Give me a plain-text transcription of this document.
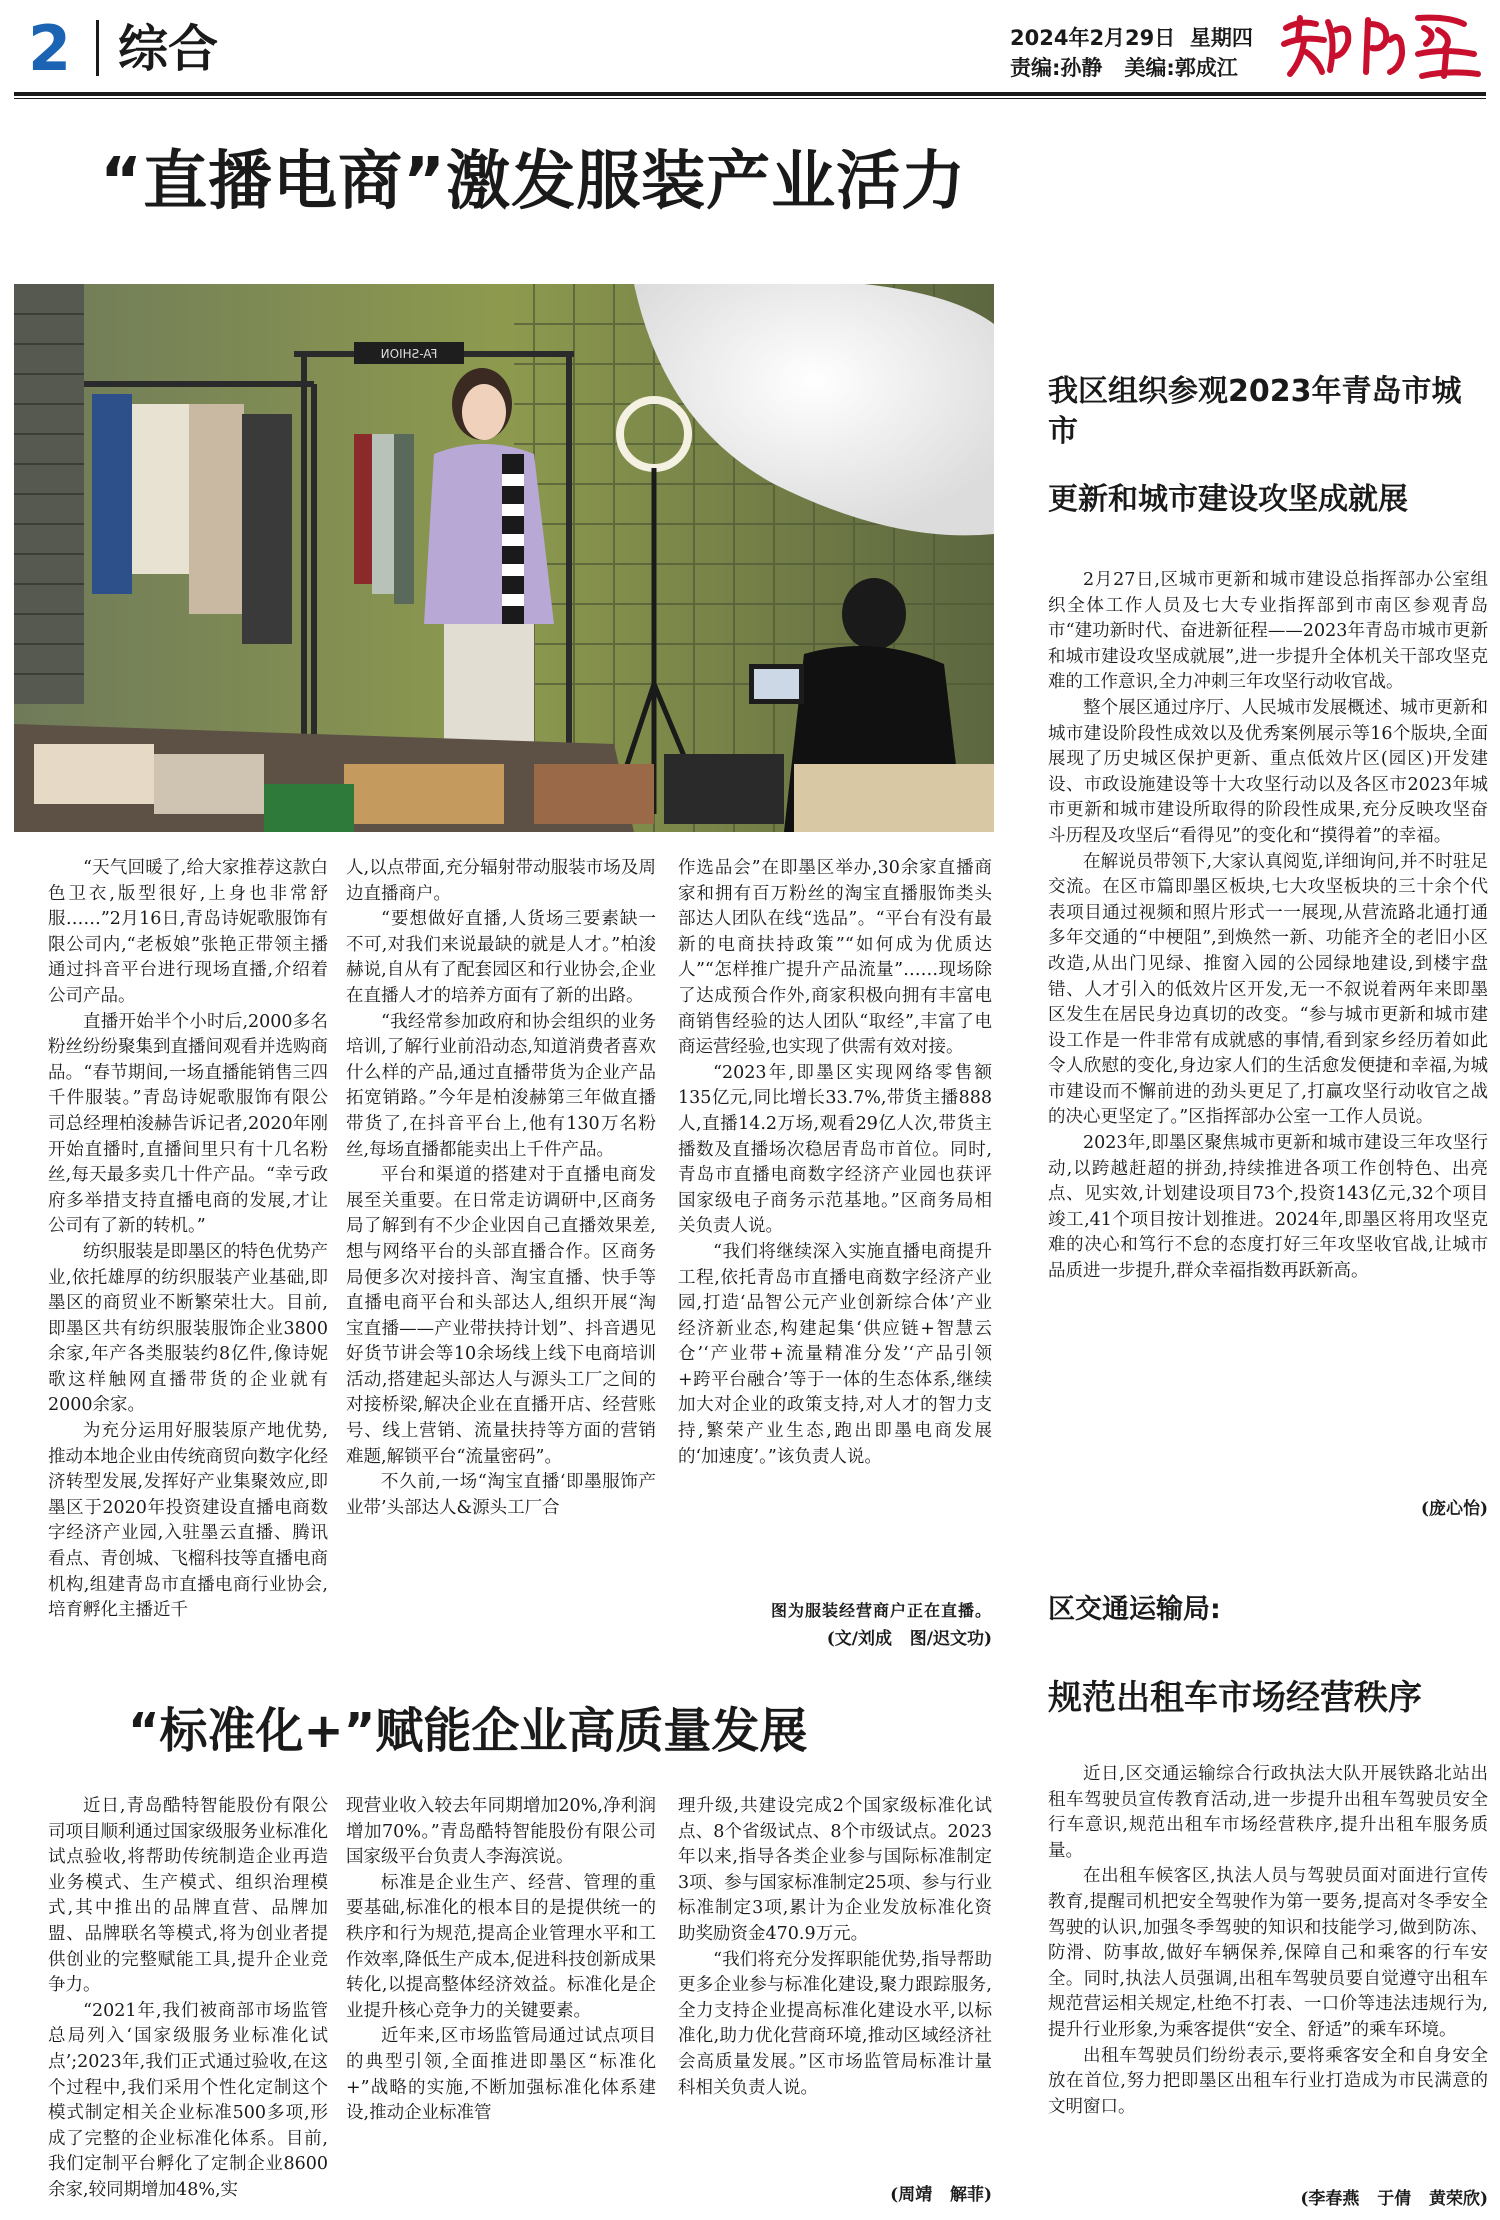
2 综合	2024年2月29日  星期四
责编:孙静   美编:郭成江
“直播电商”激发服装产业活力
FA-SHION

“天气回暖了,给大家推荐这款白色卫衣,版型很好,上身也非常舒服……”2月16日,青岛诗妮歌服饰有限公司内,“老板娘”张艳正带领主播通过抖音平台进行现场直播,介绍着公司产品。

直播开始半个小时后,2000多名粉丝纷纷聚集到直播间观看并选购商品。“春节期间,一场直播能销售三四千件服装。”青岛诗妮歌服饰有限公司总经理柏浚赫告诉记者,2020年刚开始直播时,直播间里只有十几名粉丝,每天最多卖几十件产品。“幸亏政府多举措支持直播电商的发展,才让公司有了新的转机。”

纺织服装是即墨区的特色优势产业,依托雄厚的纺织服装产业基础,即墨区的商贸业不断繁荣壮大。目前,即墨区共有纺织服装服饰企业3800余家,年产各类服装约8亿件,像诗妮歌这样触网直播带货的企业就有2000余家。

为充分运用好服装原产地优势,推动本地企业由传统商贸向数字化经济转型发展,发挥好产业集聚效应,即墨区于2020年投资建设直播电商数字经济产业园,入驻墨云直播、腾讯看点、青创城、飞榴科技等直播电商机构,组建青岛市直播电商行业协会,培育孵化主播近千

人,以点带面,充分辐射带动服装市场及周边直播商户。

“要想做好直播,人货场三要素缺一不可,对我们来说最缺的就是人才。”柏浚赫说,自从有了配套园区和行业协会,企业在直播人才的培养方面有了新的出路。

“我经常参加政府和协会组织的业务培训,了解行业前沿动态,知道消费者喜欢什么样的产品,通过直播带货为企业产品拓宽销路。”今年是柏浚赫第三年做直播带货了,在抖音平台上,他有130万名粉丝,每场直播都能卖出上千件产品。

平台和渠道的搭建对于直播电商发展至关重要。在日常走访调研中,区商务局了解到有不少企业因自己直播效果差,想与网络平台的头部直播合作。区商务局便多次对接抖音、淘宝直播、快手等直播电商平台和头部达人,组织开展“淘宝直播——产业带扶持计划”、抖音遇见好货节讲会等10余场线上线下电商培训活动,搭建起头部达人与源头工厂之间的对接桥梁,解决企业在直播开店、经营账号、线上营销、流量扶持等方面的营销难题,解锁平台“流量密码”。

不久前,一场“淘宝直播‘即墨服饰产业带’头部达人&源头工厂合

作选品会”在即墨区举办,30余家直播商家和拥有百万粉丝的淘宝直播服饰类头部达人团队在线“选品”。“平台有没有最新的电商扶持政策”“如何成为优质达人”“怎样推广提升产品流量”……现场除了达成预合作外,商家积极向拥有丰富电商销售经验的达人团队“取经”,丰富了电商运营经验,也实现了供需有效对接。

“2023年,即墨区实现网络零售额135亿元,同比增长33.7%,带货主播888人,直播14.2万场,观看29亿人次,带货主播数及直播场次稳居青岛市首位。同时,青岛市直播电商数字经济产业园也获评国家级电子商务示范基地。”区商务局相关负责人说。

“我们将继续深入实施直播电商提升工程,依托青岛市直播电商数字经济产业园,打造‘品智公元产业创新综合体’产业经济新业态,构建起集‘供应链+智慧云仓’‘产业带+流量精准分发’‘产品引领+跨平台融合’等于一体的生态体系,继续加大对企业的政策支持,对人才的智力支持,繁荣产业生态,跑出即墨电商发展的‘加速度’。”该负责人说。

图为服装经营商户正在直播。
(文/刘成   图/迟文功)
我区组织参观2023年青岛市城市
更新和城市建设攻坚成就展

2月27日,区城市更新和城市建设总指挥部办公室组织全体工作人员及七大专业指挥部到市南区参观青岛市“建功新时代、奋进新征程——2023年青岛市城市更新和城市建设攻坚成就展”,进一步提升全体机关干部攻坚克难的工作意识,全力冲刺三年攻坚行动收官战。

整个展区通过序厅、人民城市发展概述、城市更新和城市建设阶段性成效以及优秀案例展示等16个版块,全面展现了历史城区保护更新、重点低效片区(园区)开发建设、市政设施建设等十大攻坚行动以及各区市2023年城市更新和城市建设所取得的阶段性成果,充分反映攻坚奋斗历程及攻坚后“看得见”的变化和“摸得着”的幸福。

在解说员带领下,大家认真阅览,详细询问,并不时驻足交流。在区市篇即墨区板块,七大攻坚板块的三十余个代表项目通过视频和照片形式一一展现,从营流路北通打通多年交通的“中梗阻”,到焕然一新、功能齐全的老旧小区改造,从出门见绿、推窗入园的公园绿地建设,到楼宇盘错、人才引入的低效片区开发,无一不叙说着两年来即墨区发生在居民身边真切的改变。“参与城市更新和城市建设工作是一件非常有成就感的事情,看到家乡经历着如此令人欣慰的变化,身边家人们的生活愈发便捷和幸福,为城市建设而不懈前进的劲头更足了,打赢攻坚行动收官之战的决心更坚定了。”区指挥部办公室一工作人员说。

2023年,即墨区聚焦城市更新和城市建设三年攻坚行动,以跨越赶超的拼劲,持续推进各项工作创特色、出亮点、见实效,计划建设项目73个,投资143亿元,32个项目竣工,41个项目按计划推进。2024年,即墨区将用攻坚克难的决心和笃行不怠的态度打好三年攻坚收官战,让城市品质进一步提升,群众幸福指数再跃新高。

(庞心怡)
“标准化+”赋能企业高质量发展

近日,青岛酷特智能股份有限公司项目顺利通过国家级服务业标准化试点验收,将帮助传统制造企业再造业务模式、生产模式、组织治理模式,其中推出的品牌直营、品牌加盟、品牌联名等模式,将为创业者提供创业的完整赋能工具,提升企业竞争力。

“2021年,我们被商部市场监管总局列入‘国家级服务业标准化试点’;2023年,我们正式通过验收,在这个过程中,我们采用个性化定制这个模式制定相关企业标准500多项,形成了完整的企业标准化体系。目前,我们定制平台孵化了定制企业8600余家,较同期增加48%,实

现营业收入较去年同期增加20%,净利润增加70%。”青岛酷特智能股份有限公司国家级平台负责人李海滨说。

标准是企业生产、经营、管理的重要基础,标准化的根本目的是提供统一的秩序和行为规范,提高企业管理水平和工作效率,降低生产成本,促进科技创新成果转化,以提高整体经济效益。标准化是企业提升核心竞争力的关键要素。

近年来,区市场监管局通过试点项目的典型引领,全面推进即墨区“标准化+”战略的实施,不断加强标准化体系建设,推动企业标准管

理升级,共建设完成2个国家级标准化试点、8个省级试点、8个市级试点。2023年以来,指导各类企业参与国际标准制定3项、参与国家标准制定25项、参与行业标准制定3项,累计为企业发放标准化资助奖励资金470.9万元。

“我们将充分发挥职能优势,指导帮助更多企业参与标准化建设,聚力跟踪服务,全力支持企业提高标准化建设水平,以标准化,助力优化营商环境,推动区域经济社会高质量发展。”区市场监管局标准计量科相关负责人说。

(周靖   解菲)
区交通运输局:
规范出租车市场经营秩序

近日,区交通运输综合行政执法大队开展铁路北站出租车驾驶员宣传教育活动,进一步提升出租车驾驶员安全行车意识,规范出租车市场经营秩序,提升出租车服务质量。

在出租车候客区,执法人员与驾驶员面对面进行宣传教育,提醒司机把安全驾驶作为第一要务,提高对冬季安全驾驶的认识,加强冬季驾驶的知识和技能学习,做到防冻、防滑、防事故,做好车辆保养,保障自己和乘客的行车安全。同时,执法人员强调,出租车驾驶员要自觉遵守出租车规范营运相关规定,杜绝不打表、一口价等违法违规行为,提升行业形象,为乘客提供“安全、舒适”的乘车环境。

出租车驾驶员们纷纷表示,要将乘客安全和自身安全放在首位,努力把即墨区出租车行业打造成为市民满意的文明窗口。

(李春燕   于倩   黄荣欣)
